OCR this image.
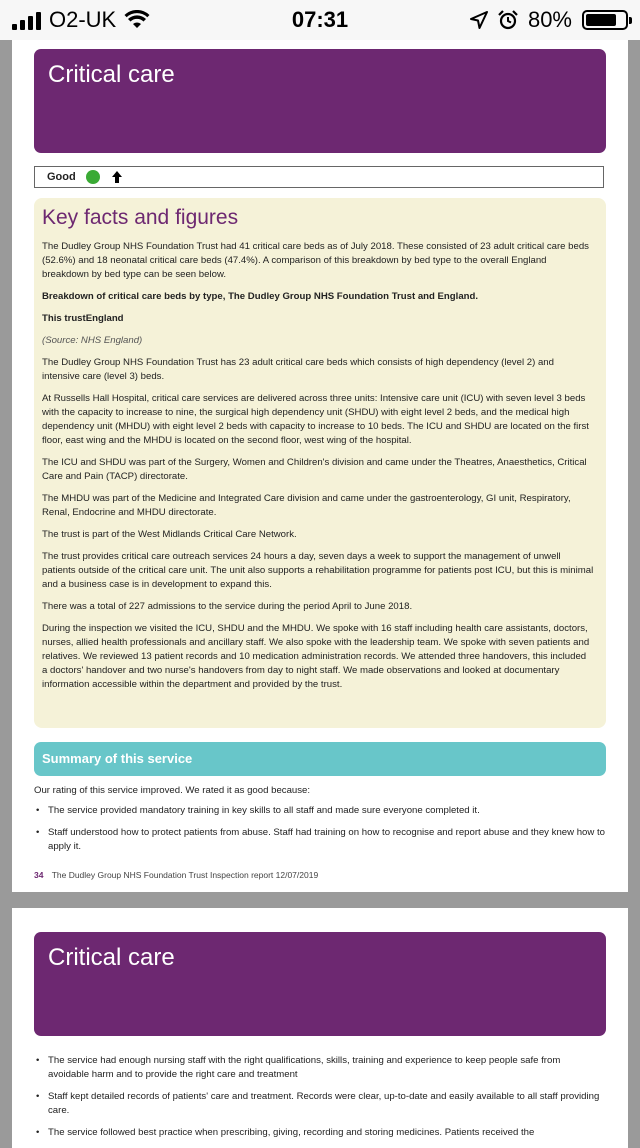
O2-UK	07:31	80%
Critical care
Good
Key facts and figures

The Dudley Group NHS Foundation Trust had 41 critical care beds as of July 2018. These consisted of 23 adult critical care beds (52.6%) and 18 neonatal critical care beds (47.4%). A comparison of this breakdown by bed type to the overall England breakdown by bed type can be seen below.

Breakdown of critical care beds by type, The Dudley Group NHS Foundation Trust and England.

This trustEngland

(Source: NHS England)

The Dudley Group NHS Foundation Trust has 23 adult critical care beds which consists of high dependency (level 2) and intensive care (level 3) beds.

At Russells Hall Hospital, critical care services are delivered across three units: Intensive care unit (ICU) with seven level 3 beds with the capacity to increase to nine, the surgical high dependency unit (SHDU) with eight level 2 beds, and the medical high dependency unit (MHDU) with eight level 2 beds with capacity to increase to 10 beds. The ICU and SHDU are located on the first floor, east wing and the MHDU is located on the second floor, west wing of the hospital.

The ICU and SHDU was part of the Surgery, Women and Children's division and came under the Theatres, Anaesthetics, Critical Care and Pain (TACP) directorate.

The MHDU was part of the Medicine and Integrated Care division and came under the gastroenterology, GI unit, Respiratory, Renal, Endocrine and MHDU directorate.

The trust is part of the West Midlands Critical Care Network.

The trust provides critical care outreach services 24 hours a day, seven days a week to support the management of unwell patients outside of the critical care unit. The unit also supports a rehabilitation programme for patients post ICU, but this is minimal and a business case is in development to expand this.

There was a total of 227 admissions to the service during the period April to June 2018.

During the inspection we visited the ICU, SHDU and the MHDU. We spoke with 16 staff including health care assistants, doctors, nurses, allied health professionals and ancillary staff. We also spoke with the leadership team. We spoke with seven patients and relatives. We reviewed 13 patient records and 10 medication administration records. We attended three handovers, this included a doctors' handover and two nurse's handovers from day to night staff. We made observations and looked at documentary information accessible within the department and provided by the trust.

Summary of this service
Our rating of this service improved. We rated it as good because:
• The service provided mandatory training in key skills to all staff and made sure everyone completed it.
• Staff understood how to protect patients from abuse. Staff had training on how to recognise and report abuse and they knew how to apply it.
34 The Dudley Group NHS Foundation Trust Inspection report 12/07/2019
Critical care
• The service had enough nursing staff with the right qualifications, skills, training and experience to keep people safe from avoidable harm and to provide the right care and treatment
• Staff kept detailed records of patients' care and treatment. Records were clear, up-to-date and easily available to all staff providing care.
• The service followed best practice when prescribing, giving, recording and storing medicines. Patients received the
